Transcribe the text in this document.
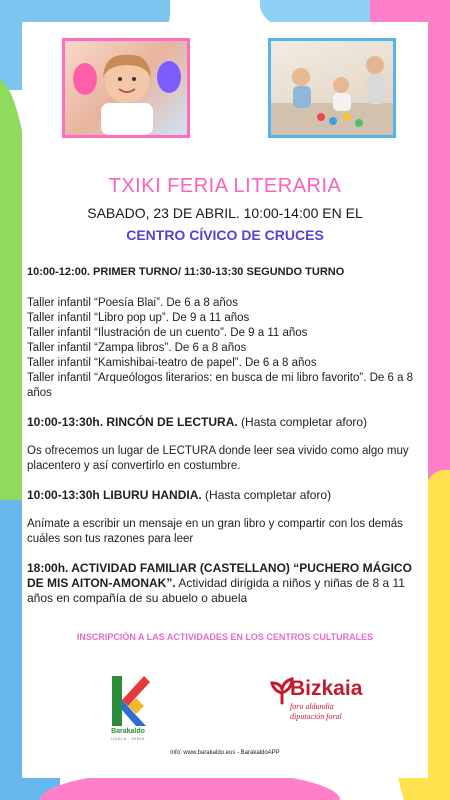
TXIKI FERIA LITERARIA
SABADO, 23 DE ABRIL. 10:00-14:00 EN EL
CENTRO CÍVICO DE CRUCES

10:00-12:00. PRIMER TURNO/ 11:30-13:30 SEGUNDO TURNO

Taller infantil “Poesía Blai”. De 6 a 8 años
Taller infantil “Libro pop up”. De 9 a 11 años
Taller infantil “Ilustración de un cuento”. De 9 a 11 años
Taller infantil “Zampa libros”. De 6 a 8 años
Taller infantil “Kamishibai-teatro de papel”. De 6 a 8 años
Taller infantil “Arqueólogos literarios: en busca de mi libro favorito”. De 6 a 8 años

10:00-13:30h. RINCÓN DE LECTURA. (Hasta completar aforo)

Os ofrecemos un lugar de LECTURA donde leer sea vivido como algo muy placentero y así convertirlo en costumbre.

10:00-13:30h LIBURU HANDIA. (Hasta completar aforo)

Anímate a escribir un mensaje en un gran libro y compartir con los demás cuáles son tus razones para leer

18:00h. ACTIVIDAD FAMILIAR (CASTELLANO) “PUCHERO MÁGICO DE MIS AITON-AMONAK”. Actividad dirigida a niños y niñas de 8 a 11 años en compañía de su abuelo o abuela

INSCRIPCIÓN A LAS ACTIVIDADES EN LOS CENTROS CULTURALES
Barakaldo
UDALA · HIRIA
Bizkaia
foru aldundia
diputación foral
info: www.barakaldo.eus - BarakaldoAPP
